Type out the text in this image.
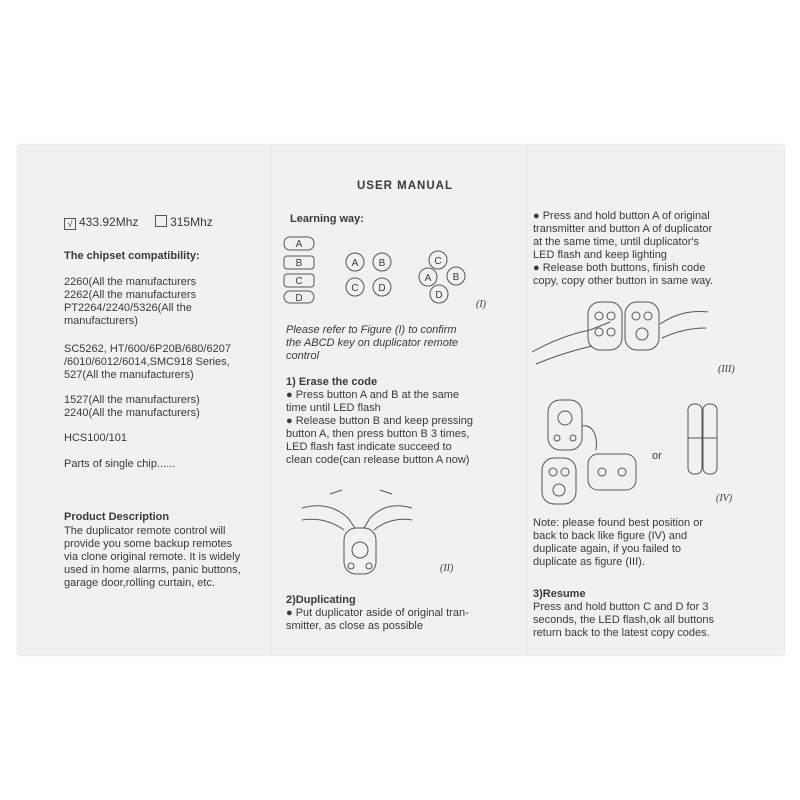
USER MANUAL
√ 433.92Mhz	315Mhz
The chipset compatibility:

2260(All the manufacturers

2262(All the manufacturers

PT2264/2240/5326(All the

manufacturers)

SC5262, HT/600/6P20B/680/6207

/6010/6012/6014,SMC918 Series,

527(All the manufacturers)

1527(All the manufacturers)

2240(All the manufacturers)

HCS100/101
Parts of single chip......
Product Description

The duplicator remote control will

provide you some backup remotes

via clone original remote. It is widely

used in home alarms, panic buttons,

garage door,rolling curtain, etc.

Learning way:
A
B
C
D
A B
C D
C
A B
D
(I)

Please refer to Figure (I) to confirm

the ABCD key on duplicator remote

control

1) Erase the code

● Press button A and B at the same

time until LED flash

● Release button B and keep pressing

button A, then press button B 3 times,

LED flash fast indicate succeed to

clean code(can release button A now)

(II)
2)Duplicating

● Put duplicator aside of original tran-

smitter, as close as possible

● Press and hold button A of original

transmitter and button A of duplicator

at the same time, until duplicator's

LED flash and keep lighting

● Release both buttons, finish code

copy, copy other button in same way.

(III)
or
(IV)

Note: please found best position or

back to back like figure (IV) and

duplicate again, if you failed to

duplicate as figure (III).

3)Resume

Press and hold button C and D for 3

seconds, the LED flash,ok all buttons

return back to the latest copy codes.
